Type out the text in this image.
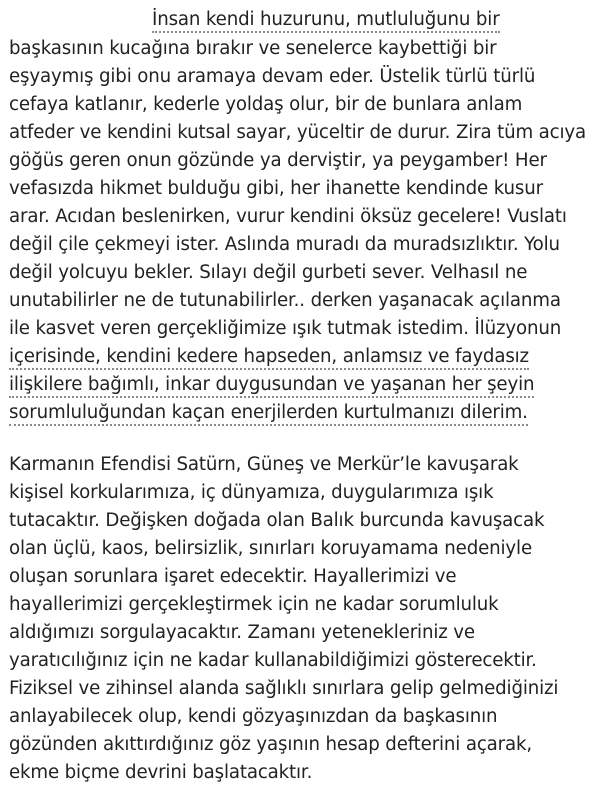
İnsan kendi huzurunu, mutluluğunu bir
başkasının kucağına bırakır ve senelerce kaybettiği bir
eşyaymış gibi onu aramaya devam eder. Üstelik türlü türlü
cefaya katlanır, kederle yoldaş olur, bir de bunlara anlam
atfeder ve kendini kutsal sayar, yüceltir de durur. Zira tüm acıya
göğüs geren onun gözünde ya dervişti̇r, ya peygamber! Her
vefasızda hikmet bulduğu gibi, her ihanette kendinde kusur
arar. Acıdan beslenirken, vurur kendini öksüz gecelere! Vuslatı
değil çile çekmeyi ister. Aslında muradı da muradsızlıktır. Yolu
değil yolcuyu bekler. Sılayı değil gurbeti sever. Velhasıl ne
unutabilirler ne de tutunabilirler.. derken yaşanacak açılanma
ile kasvet veren gerçekliğimize ışık tutmak istedim. İlüzyonun
içerisinde, kendini kedere hapseden, anlamsız ve faydasız
ilişkilere bağımlı, inkar duygusundan ve yaşanan her şeyin
sorumluluğundan kaçan enerjilerden kurtulmanızı dilerim.
Karmanın Efendisi Satürn, Güneş ve Merkür’le kavuşarak
kişisel korkularımıza, iç dünyamıza, duygularımıza ışık
tutacaktır. Değişken doğada olan Balık burcunda kavuşacak
olan üçlü, kaos, belirsizlik, sınırları koruyamama nedeniyle
oluşan sorunlara işaret edecektir. Hayallerimizi ve
hayallerimizi gerçekleştirmek için ne kadar sorumluluk
aldığımızı sorgulayacaktır. Zamanı yetenekleriniz ve
yaratıcılığınız için ne kadar kullanabildiğimizi gösterecektir.
Fiziksel ve zihinsel alanda sağlıklı sınırlara gelip gelmediğinizi
anlayabilecek olup, kendi gözyaşınızdan da başkasının
gözünden akıttırdığınız göz yaşının hesap defterini açarak,
ekme biçme devrini başlatacaktır.
